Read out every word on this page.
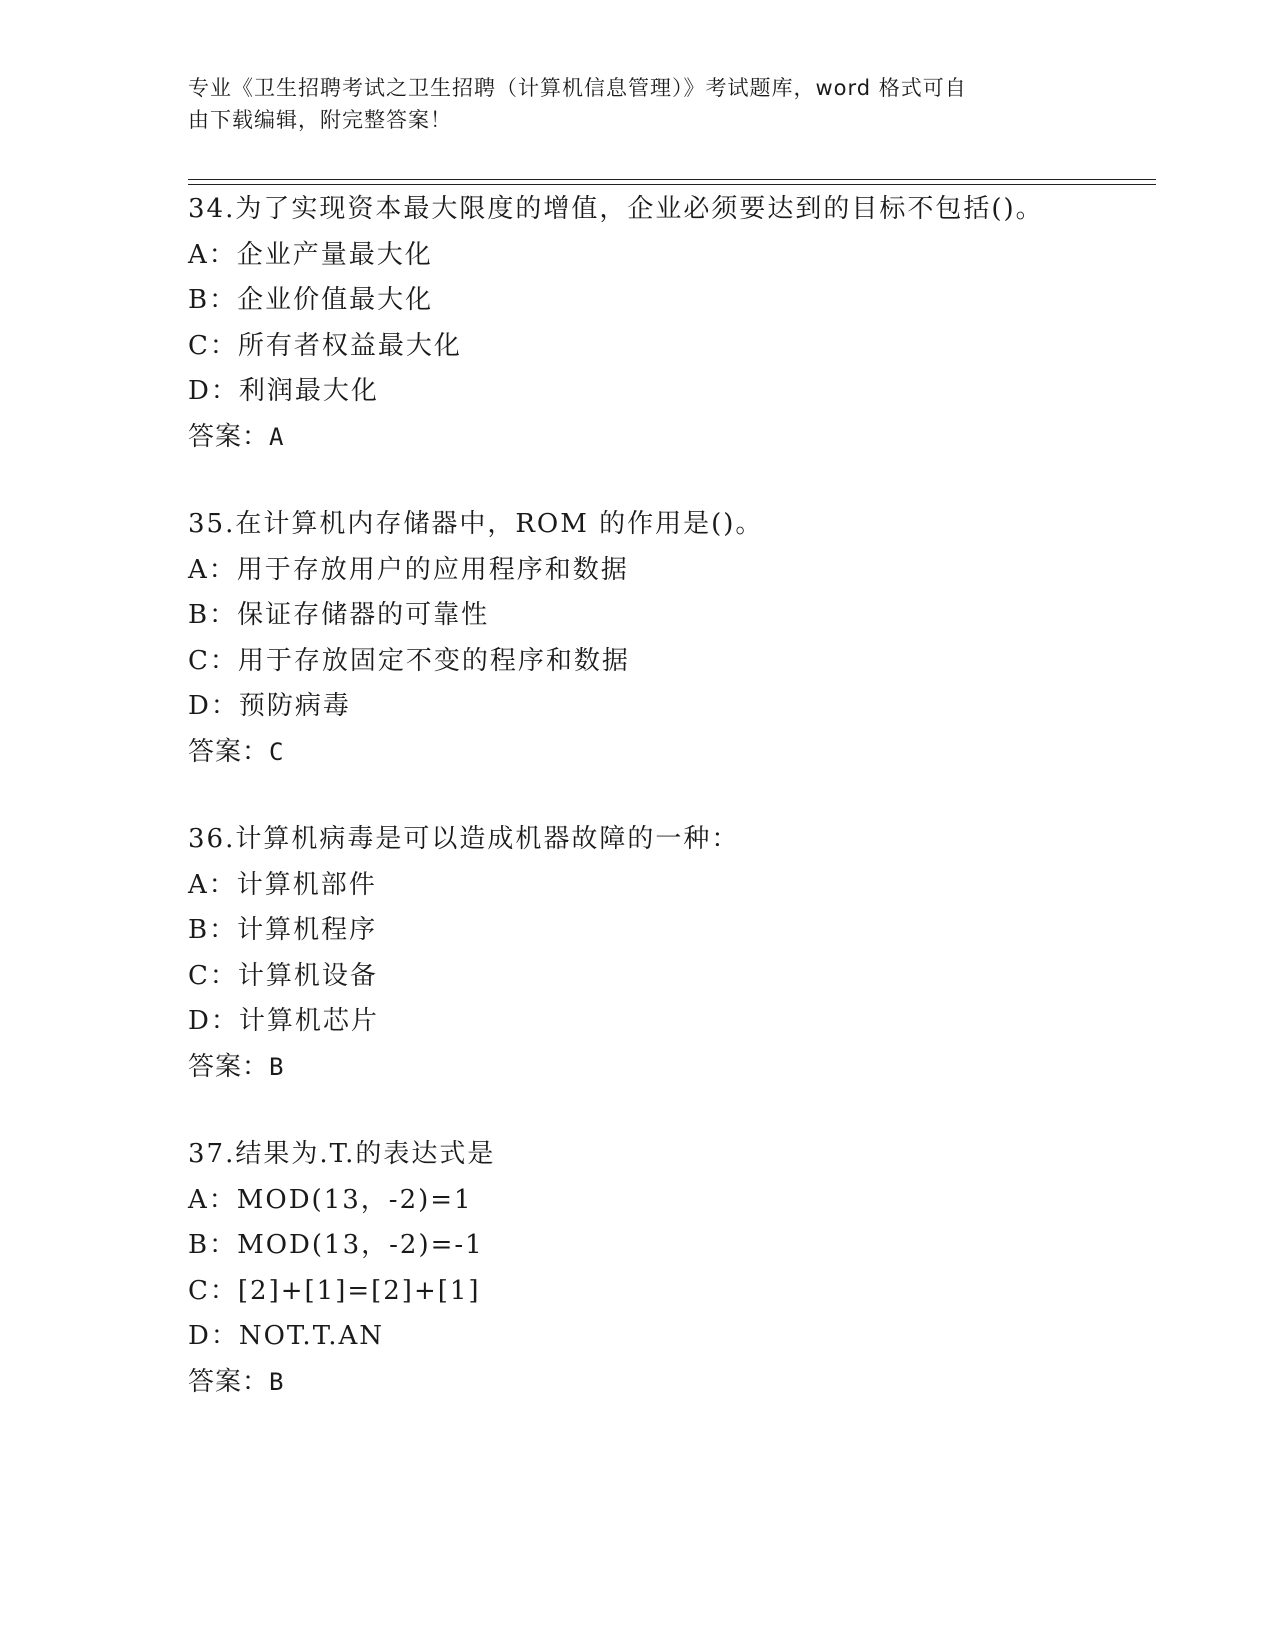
专业《卫生招聘考试之卫生招聘（计算机信息管理）》考试题库，word 格式可自
由下载编辑，附完整答案！
34.为了实现资本最大限度的增值，企业必须要达到的目标不包括()。
A：企业产量最大化
B：企业价值最大化
C：所有者权益最大化
D：利润最大化
答案：A
35.在计算机内存储器中，ROM 的作用是()。
A：用于存放用户的应用程序和数据
B：保证存储器的可靠性
C：用于存放固定不变的程序和数据
D：预防病毒
答案：C
36.计算机病毒是可以造成机器故障的一种：
A：计算机部件
B：计算机程序
C：计算机设备
D：计算机芯片
答案：B
37.结果为.T.的表达式是
A：MOD(13，-2)=1
B：MOD(13，-2)=-1
C：[2]+[1]=[2]+[1]
D：NOT.T.AN
答案：B
